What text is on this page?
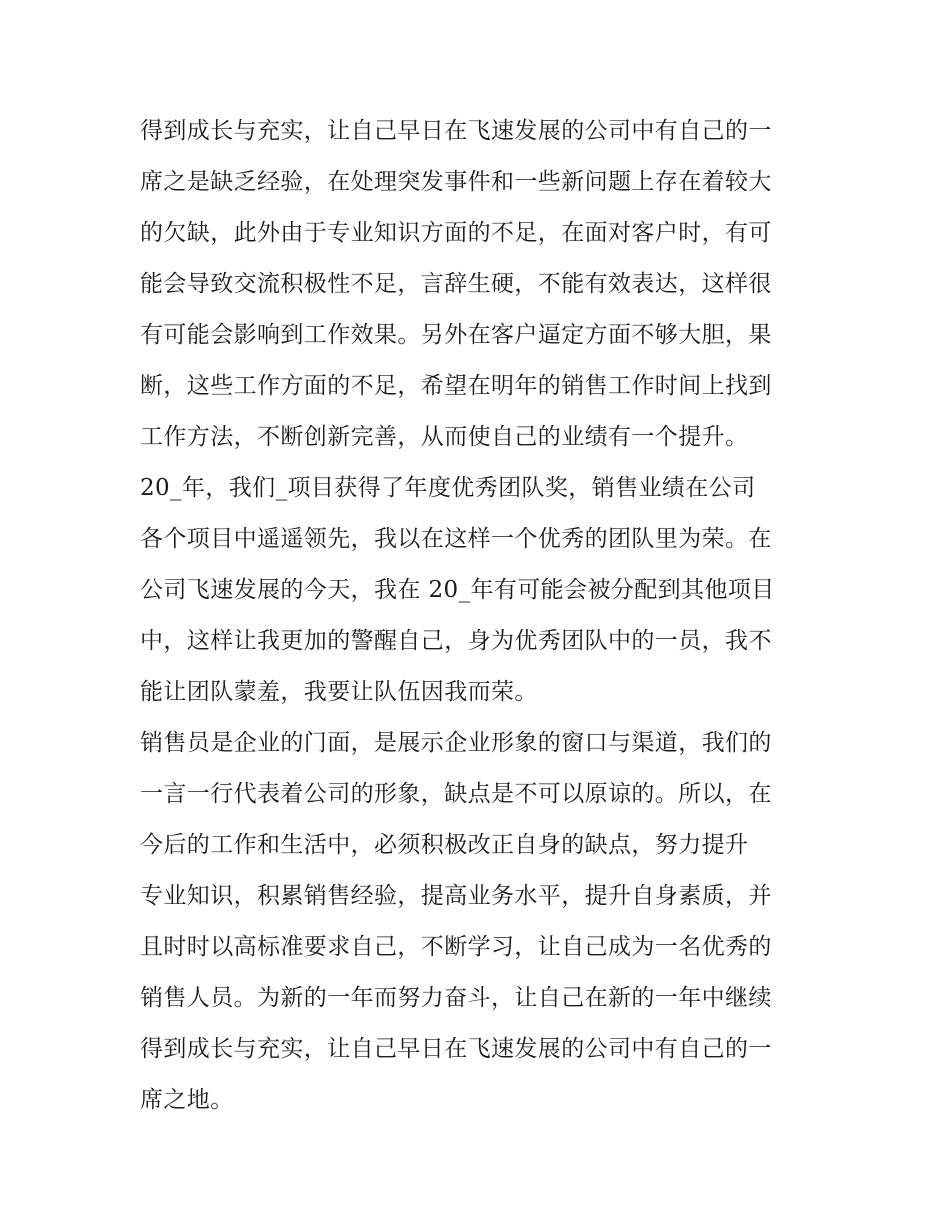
得到成长与充实，让自己早日在飞速发展的公司中有自己的一
席之是缺乏经验，在处理突发事件和一些新问题上存在着较大
的欠缺，此外由于专业知识方面的不足，在面对客户时，有可
能会导致交流积极性不足，言辞生硬，不能有效表达，这样很
有可能会影响到工作效果。另外在客户逼定方面不够大胆，果
断，这些工作方面的不足，希望在明年的销售工作时间上找到
工作方法，不断创新完善，从而使自己的业绩有一个提升。
20_年，我们_项目获得了年度优秀团队奖，销售业绩在公司
各个项目中遥遥领先，我以在这样一个优秀的团队里为荣。在
公司飞速发展的今天，我在 20_年有可能会被分配到其他项目
中，这样让我更加的警醒自己，身为优秀团队中的一员，我不
能让团队蒙羞，我要让队伍因我而荣。
销售员是企业的门面，是展示企业形象的窗口与渠道，我们的
一言一行代表着公司的形象，缺点是不可以原谅的。所以，在
今后的工作和生活中，必须积极改正自身的缺点，努力提升
专业知识，积累销售经验，提高业务水平，提升自身素质，并
且时时以高标准要求自己，不断学习，让自己成为一名优秀的
销售人员。为新的一年而努力奋斗，让自己在新的一年中继续
得到成长与充实，让自己早日在飞速发展的公司中有自己的一
席之地。
